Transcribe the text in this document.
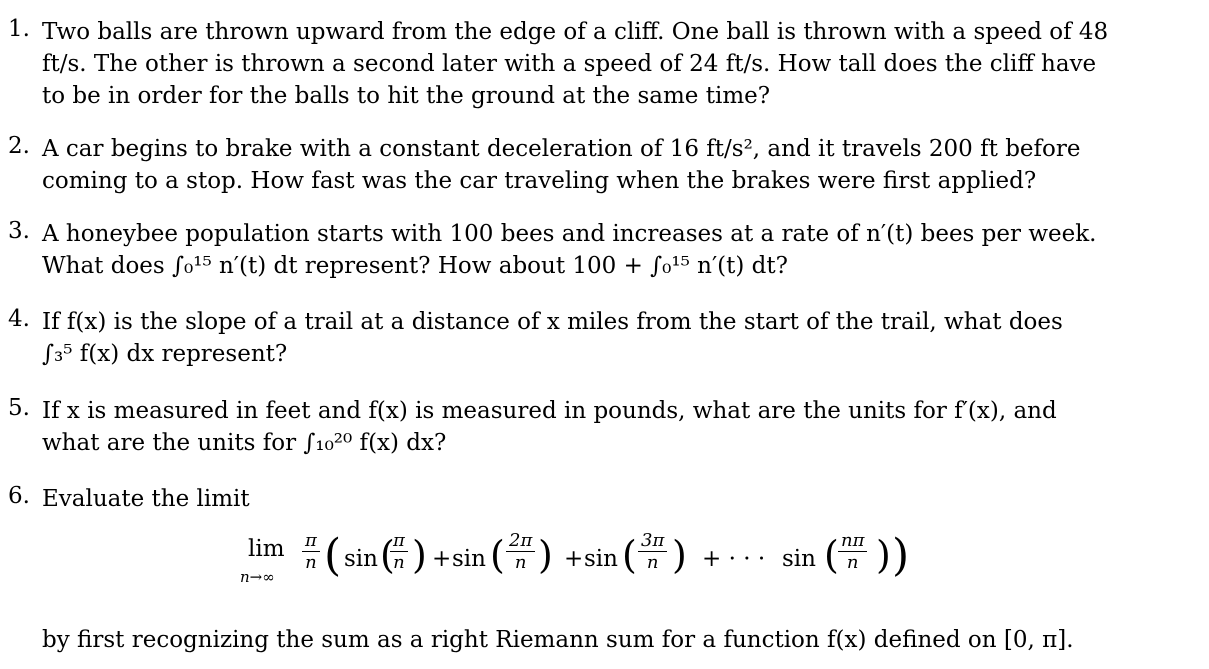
1. Two balls are thrown upward from the edge of a cliff. One ball is thrown with a speed of 48
ft/s. The other is thrown a second later with a speed of 24 ft/s. How tall does the cliff have
to be in order for the balls to hit the ground at the same time?
2. A car begins to brake with a constant deceleration of 16 ft/s², and it travels 200 ft before
coming to a stop. How fast was the car traveling when the brakes were first applied?
3. A honeybee population starts with 100 bees and increases at a rate of n′(t) bees per week.
What does ∫₀¹⁵ n′(t) dt represent? How about 100 + ∫₀¹⁵ n′(t) dt?
4. If f(x) is the slope of a trail at a distance of x miles from the start of the trail, what does
∫₃⁵ f(x) dx represent?
5. If x is measured in feet and f(x) is measured in pounds, what are the units for f′(x), and
what are the units for ∫₁₀²⁰ f(x) dx?
6. Evaluate the limit
lim
n→∞
$\frac{\pi}{n}$ ( sin (
$\frac{\pi}{n}$ ) + sin ( $\frac{2\pi}{n}$ ) + sin ( $\frac{3\pi}{n}$ ) + · · · sin ( $\frac{n\pi}{n}$ ) )
by first recognizing the sum as a right Riemann sum for a function f(x) defined on [0, π].
